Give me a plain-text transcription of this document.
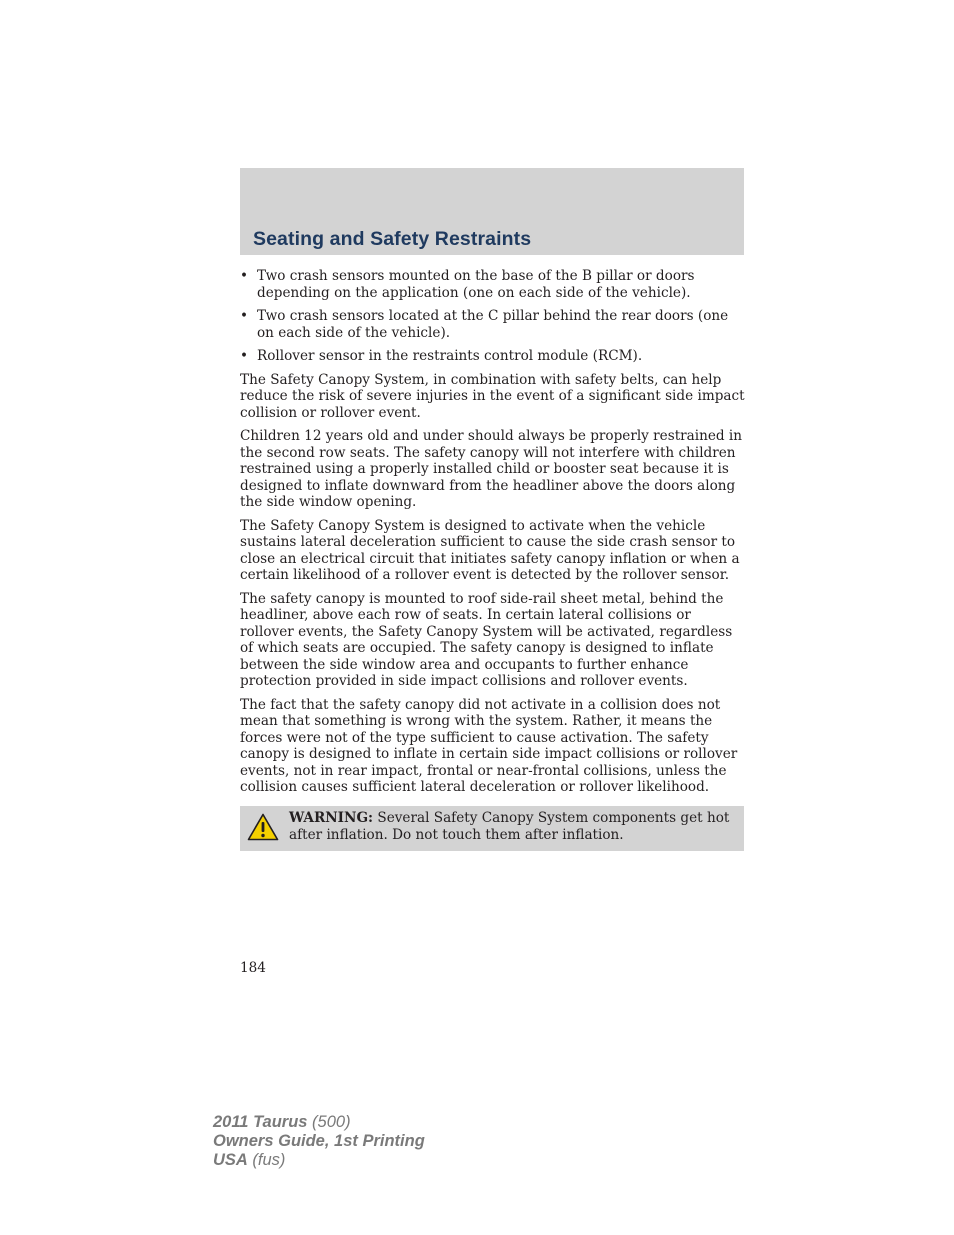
Seating and Safety Restraints
• Two crash sensors mounted on the base of the B pillar or doors depending on the application (one on each side of the vehicle).
• Two crash sensors located at the C pillar behind the rear doors (one on each side of the vehicle).
• Rollover sensor in the restraints control module (RCM).

The Safety Canopy System, in combination with safety belts, can help reduce the risk of severe injuries in the event of a significant side impact collision or rollover event.

Children 12 years old and under should always be properly restrained in the second row seats. The safety canopy will not interfere with children restrained using a properly installed child or booster seat because it is designed to inflate downward from the headliner above the doors along the side window opening.

The Safety Canopy System is designed to activate when the vehicle sustains lateral deceleration sufficient to cause the side crash sensor to close an electrical circuit that initiates safety canopy inflation or when a certain likelihood of a rollover event is detected by the rollover sensor.

The safety canopy is mounted to roof side-rail sheet metal, behind the headliner, above each row of seats. In certain lateral collisions or rollover events, the Safety Canopy System will be activated, regardless of which seats are occupied. The safety canopy is designed to inflate between the side window area and occupants to further enhance protection provided in side impact collisions and rollover events.

The fact that the safety canopy did not activate in a collision does not mean that something is wrong with the system. Rather, it means the forces were not of the type sufficient to cause activation. The safety canopy is designed to inflate in certain side impact collisions or rollover events, not in rear impact, frontal or near-frontal collisions, unless the collision causes sufficient lateral deceleration or rollover likelihood.

WARNING: Several Safety Canopy System components get hot after inflation. Do not touch them after inflation.
184
2011 Taurus (500)
Owners Guide, 1st Printing
USA (fus)
